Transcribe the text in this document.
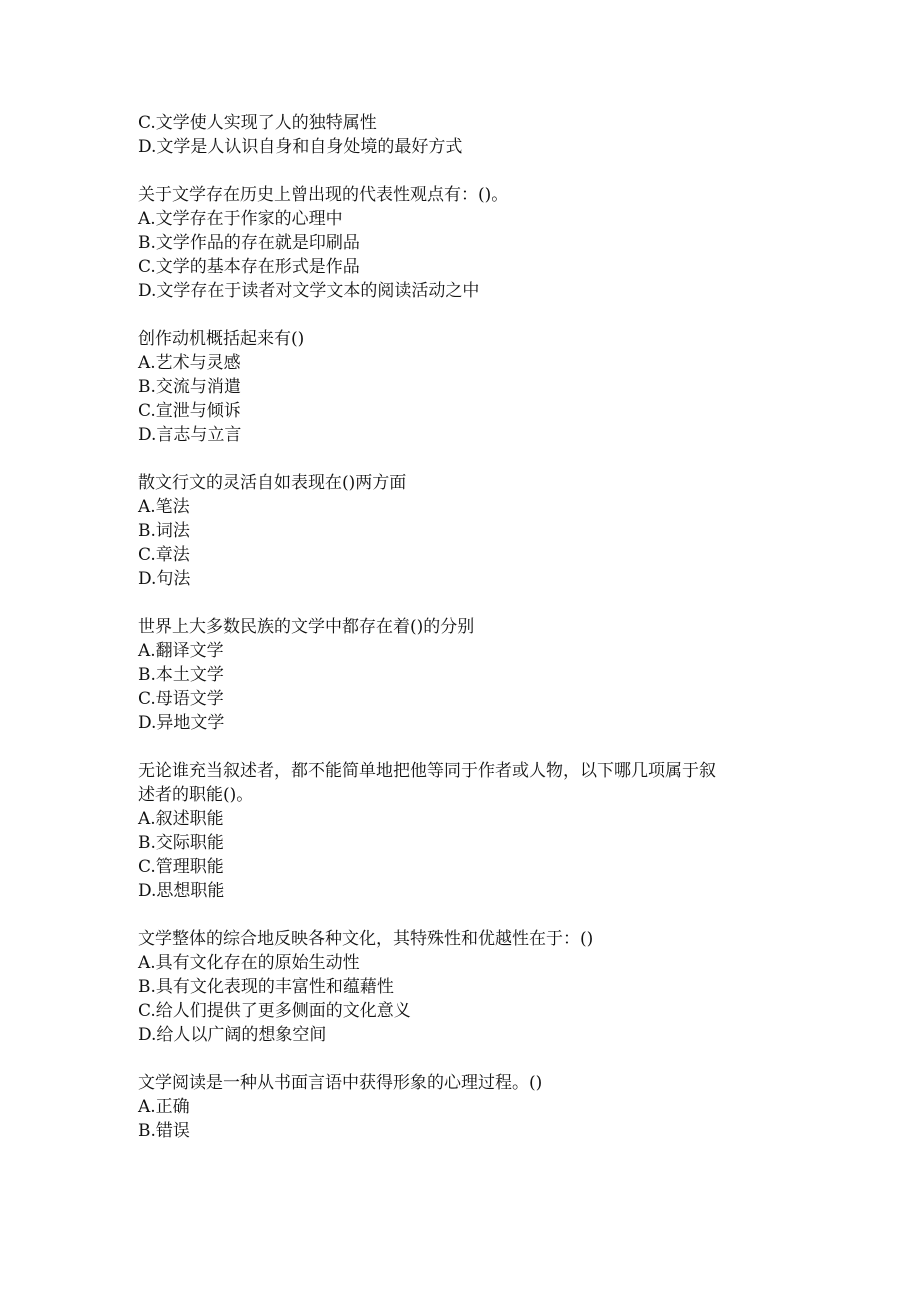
C.文学使人实现了人的独特属性
D.文学是人认识自身和自身处境的最好方式
关于文学存在历史上曾出现的代表性观点有：()。
A.文学存在于作家的心理中
B.文学作品的存在就是印刷品
C.文学的基本存在形式是作品
D.文学存在于读者对文学文本的阅读活动之中
创作动机概括起来有()
A.艺术与灵感
B.交流与消遣
C.宣泄与倾诉
D.言志与立言
散文行文的灵活自如表现在()两方面
A.笔法
B.词法
C.章法
D.句法
世界上大多数民族的文学中都存在着()的分别
A.翻译文学
B.本土文学
C.母语文学
D.异地文学
无论谁充当叙述者，都不能简单地把他等同于作者或人物，以下哪几项属于叙
述者的职能()。
A.叙述职能
B.交际职能
C.管理职能
D.思想职能
文学整体的综合地反映各种文化，其特殊性和优越性在于：()
A.具有文化存在的原始生动性
B.具有文化表现的丰富性和蕴藉性
C.给人们提供了更多侧面的文化意义
D.给人以广阔的想象空间
文学阅读是一种从书面言语中获得形象的心理过程。()
A.正确
B.错误
